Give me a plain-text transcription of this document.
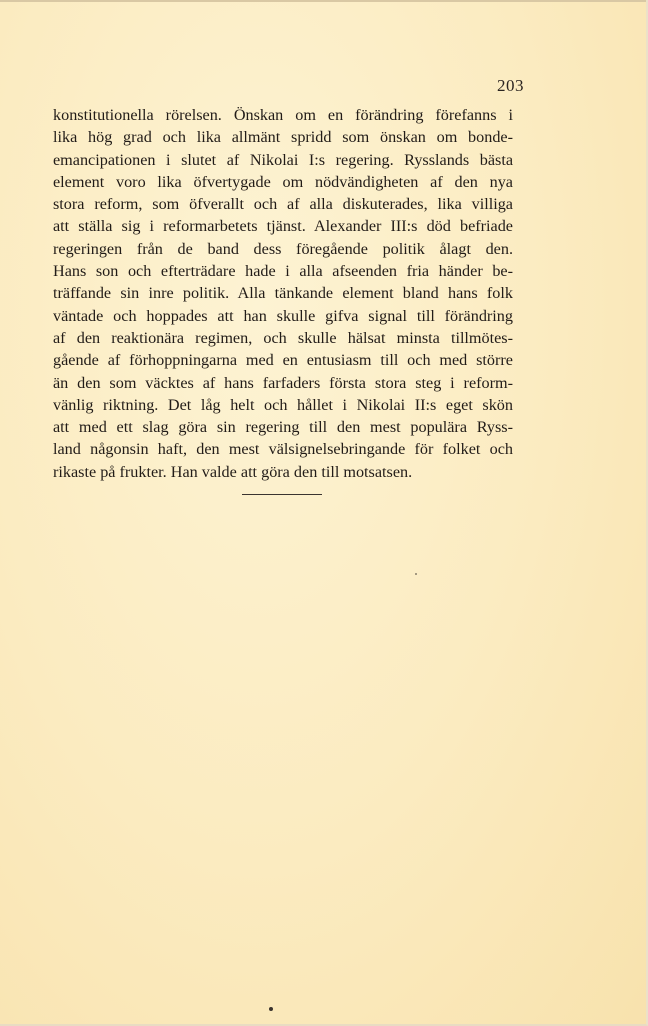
203
konstitutionella rörelsen. Önskan om en förändring förefanns i
lika hög grad och lika allmänt spridd som önskan om bonde-
emancipationen i slutet af Nikolai I:s regering. Rysslands bästa
element voro lika öfvertygade om nödvändigheten af den nya
stora reform, som öfverallt och af alla diskuterades, lika villiga
att ställa sig i reformarbetets tjänst. Alexander III:s död befriade
regeringen från de band dess föregående politik ålagt den.
Hans son och efterträdare hade i alla afseenden fria händer be-
träffande sin inre politik. Alla tänkande element bland hans folk
väntade och hoppades att han skulle gifva signal till förändring
af den reaktionära regimen, och skulle hälsat minsta tillmötes-
gående af förhoppningarna med en entusiasm till och med större
än den som väcktes af hans farfaders första stora steg i reform-
vänlig riktning. Det låg helt och hållet i Nikolai II:s eget skön
att med ett slag göra sin regering till den mest populära Ryss-
land någonsin haft, den mest välsignelsebringande för folket och
rikaste på frukter. Han valde att göra den till motsatsen.
